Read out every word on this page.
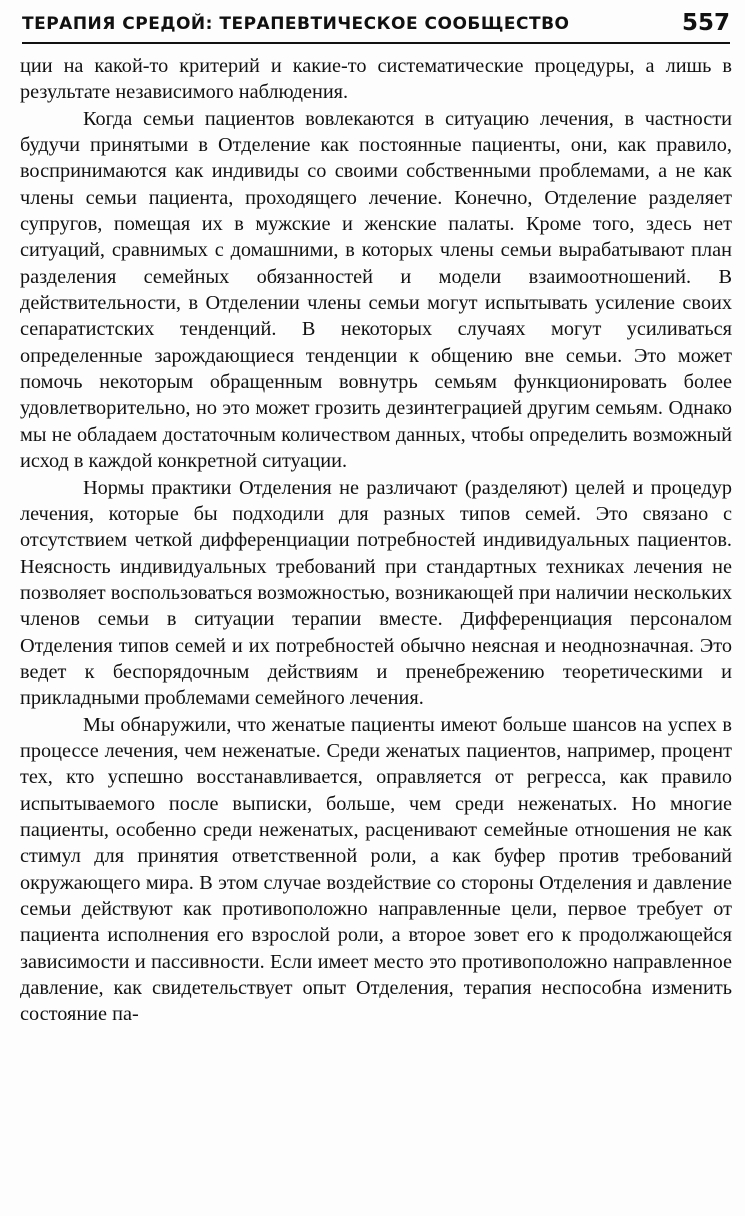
ТЕРАПИЯ СРЕДОЙ: ТЕРАПЕВТИЧЕСКОЕ СООБЩЕСТВО	557

ции на какой-то критерий и какие-то систематические процедуры, а лишь в результате независимого наблюдения.

Когда семьи пациентов вовлекаются в ситуацию лечения, в частности будучи принятыми в Отделение как постоянные пациенты, они, как правило, воспринимаются как индивиды со своими собственными проблемами, а не как члены семьи пациента, проходящего лечение. Конечно, Отделение разделяет супругов, помещая их в мужские и женские палаты. Кроме того, здесь нет ситуаций, сравнимых с домашними, в которых члены семьи вырабатывают план разделения семейных обязанностей и модели взаимоотношений. В действительности, в Отделении члены семьи могут испытывать усиление своих сепаратистских тенденций. В некоторых случаях могут усиливаться определенные зарождающиеся тенденции к общению вне семьи. Это может помочь некоторым обращенным вовнутрь семьям функционировать более удовлетворительно, но это может грозить дезинтеграцией другим семьям. Однако мы не обладаем достаточным количеством данных, чтобы определить возможный исход в каждой конкретной ситуации.

Нормы практики Отделения не различают (разделяют) целей и процедур лечения, которые бы подходили для разных типов семей. Это связано с отсутствием четкой дифференциации потребностей индивидуальных пациентов. Неясность индивидуальных требований при стандартных техниках лечения не позволяет воспользоваться возможностью, возникающей при наличии нескольких членов семьи в ситуации терапии вместе. Дифференциация персоналом Отделения типов семей и их потребностей обычно неясная и неоднозначная. Это ведет к беспорядочным действиям и пренебрежению теоретическими и прикладными проблемами семейного лечения.

Мы обнаружили, что женатые пациенты имеют больше шансов на успех в процессе лечения, чем неженатые. Среди женатых пациентов, например, процент тех, кто успешно восстанавливается, оправляется от регресса, как правило испытываемого после выписки, больше, чем среди неженатых. Но многие пациенты, особенно среди неженатых, расценивают семейные отношения не как стимул для принятия ответственной роли, а как буфер против требований окружающего мира. В этом случае воздействие со стороны Отделения и давление семьи действуют как противоположно направленные цели, первое требует от пациента исполнения его взрослой роли, а второе зовет его к продолжающейся зависимости и пассивности. Если имеет место это противоположно направленное давление, как свидетельствует опыт Отделения, терапия неспособна изменить состояние па-
